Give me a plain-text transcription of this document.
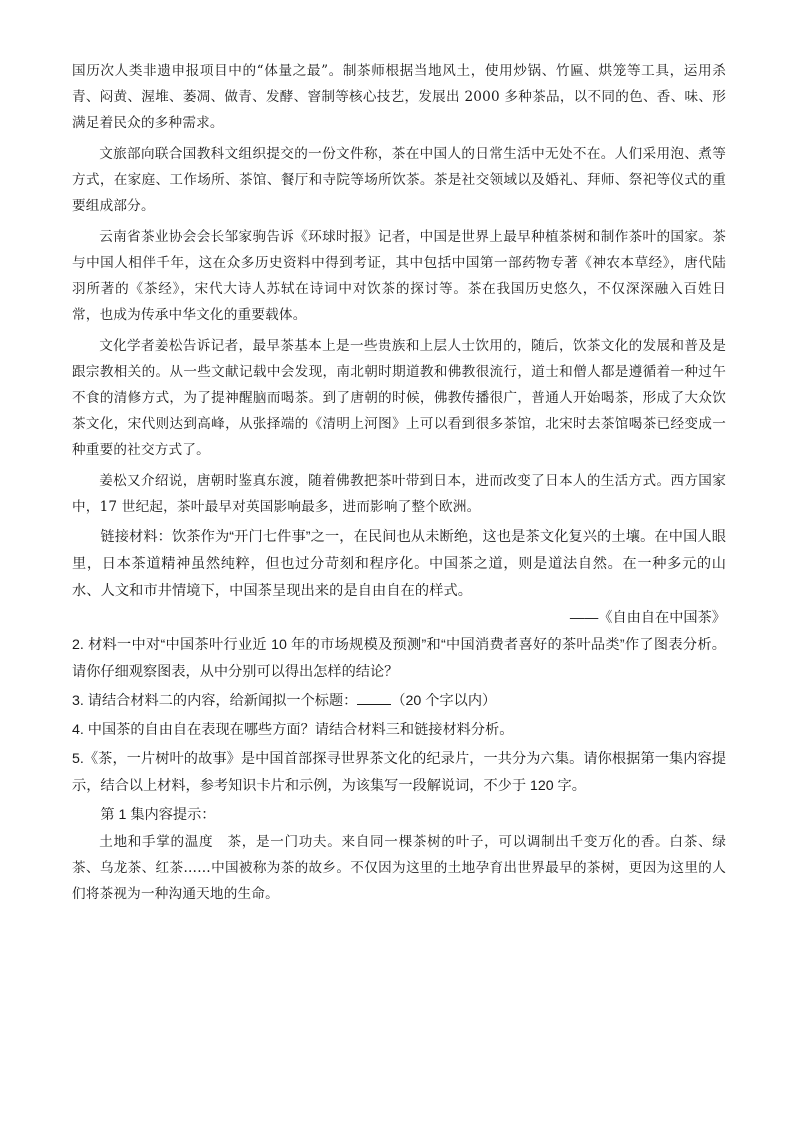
国历次人类非遗申报项目中的“体量之最”。制茶师根据当地风土，使用炒锅、竹匾、烘笼等工具，运用杀青、闷黄、渥堆、萎凋、做青、发酵、窨制等核心技艺，发展出 2000 多种茶品，以不同的色、香、味、形满足着民众的多种需求。

文旅部向联合国教科文组织提交的一份文件称，茶在中国人的日常生活中无处不在。人们采用泡、煮等方式，在家庭、工作场所、茶馆、餐厅和寺院等场所饮茶。茶是社交领域以及婚礼、拜师、祭祀等仪式的重要组成部分。

云南省茶业协会会长邹家驹告诉《环球时报》记者，中国是世界上最早种植茶树和制作茶叶的国家。茶与中国人相伴千年，这在众多历史资料中得到考证，其中包括中国第一部药物专著《神农本草经》，唐代陆羽所著的《茶经》，宋代大诗人苏轼在诗词中对饮茶的探讨等。茶在我国历史悠久，不仅深深融入百姓日常，也成为传承中华文化的重要载体。

文化学者姜松告诉记者，最早茶基本上是一些贵族和上层人士饮用的，随后，饮茶文化的发展和普及是跟宗教相关的。从一些文献记载中会发现，南北朝时期道教和佛教很流行，道士和僧人都是遵循着一种过午不食的清修方式，为了提神醒脑而喝茶。到了唐朝的时候，佛教传播很广，普通人开始喝茶，形成了大众饮茶文化，宋代则达到高峰，从张择端的《清明上河图》上可以看到很多茶馆，北宋时去茶馆喝茶已经变成一种重要的社交方式了。

姜松又介绍说，唐朝时鉴真东渡，随着佛教把茶叶带到日本，进而改变了日本人的生活方式。西方国家中，17 世纪起，茶叶最早对英国影响最多，进而影响了整个欧洲。

链接材料：饮茶作为“开门七件事”之一，在民间也从未断绝，这也是茶文化复兴的土壤。在中国人眼里，日本茶道精神虽然纯粹，但也过分苛刻和程序化。中国茶之道，则是道法自然。在一种多元的山水、人文和市井情境下，中国茶呈现出来的是自由自在的样式。

——《自由自在中国茶》

2. 材料一中对“中国茶叶行业近 10 年的市场规模及预测”和“中国消费者喜好的茶叶品类”作了图表分析。请你仔细观察图表，从中分别可以得出怎样的结论？

3. 请结合材料二的内容，给新闻拟一个标题： （20 个字以内）

4. 中国茶的自由自在表现在哪些方面？请结合材料三和链接材料分析。

5.《茶，一片树叶的故事》是中国首部探寻世界茶文化的纪录片，一共分为六集。请你根据第一集内容提示，结合以上材料，参考知识卡片和示例，为该集写一段解说词，不少于 120 字。

第 1 集内容提示：

土地和手掌的温度　茶，是一门功夫。来自同一棵茶树的叶子，可以调制出千变万化的香。白茶、绿茶、乌龙茶、红茶……中国被称为茶的故乡。不仅因为这里的土地孕育出世界最早的茶树，更因为这里的人们将茶视为一种沟通天地的生命。
